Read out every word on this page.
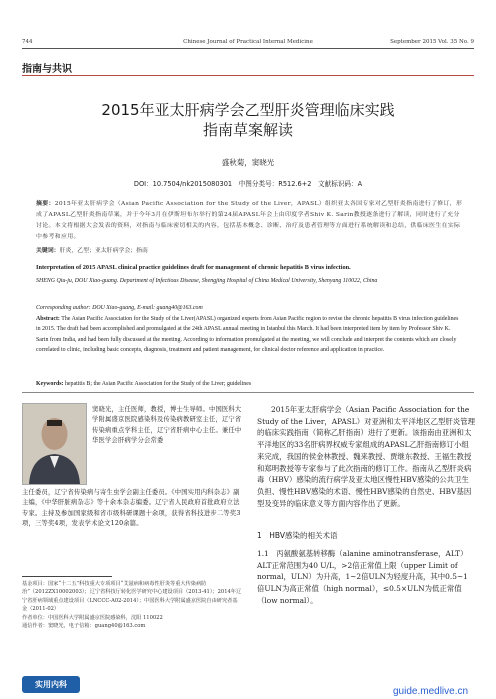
744	Chinese Journal of Practical Internal Medicine	September 2015 Vol. 35 No. 9
指南与共识
2015年亚太肝病学会乙型肝炎管理临床实践
指南草案解读
盛秋菊，窦晓光
DOI：10.7504/nk2015080301　中图分类号：R512.6+2　文献标识码：A
摘要：2015年亚太肝病学会（Asian Pacific Association for the Study of the Liver，APASL）组织亚太各国专家对乙型肝炎指南进行了修订，形成了APASL乙型肝炎指南草案，并于今年3月在伊斯坦布尔举行的第24届APASL年会上由印度学者Shiv K. Sarin教授逐条进行了解读，同时进行了充分讨论。本文将根据大会发表的资料，对指南与临床密切相关的内容，包括基本概念、诊断、治疗及患者管理等方面进行系统解读和总结，供临床医生在实际中参考和应用。
关键词：肝炎，乙型；亚太肝病学会；指南
Interpretation of 2015 APASL clinical practice guidelines draft for management of chronic hepatitis B virus infection.
SHENG Qiu-ju, DOU Xiao-guang. Department of Infectious Disease, Shengjing Hospital of China Medical University, Shenyang 110022, China
Corresponding author: DOU Xiao-guang, E-mail: guang40@163.com
Abstract: The Asian Pacific Association for the Study of the Liver(APASL) organized experts from Asian Pacific region to revise the chronic hepatitis B virus infection guidelines in 2015. The draft had been accomplished and promulgated at the 24th APASL annual meeting in Istanbul this March. It had been interpreted item by item by Professor Shiv K. Sarin from India, and had been fully discussed at the meeting. According to information promulgated at the meeting, we will conclude and interpret the contents which are closely correlated to clinic, including basic concepts, diagnosis, treatment and patient management, for clinical doctor reference and application in practice.
Keywords: hepatitis B; the Asian Pacific Association for the Study of the Liver; guidelines
窦晓光，主任医师，教授，博士生导师。中国医科大学附属盛京医院感染科及传染病教研室主任，辽宁省传染病重点学科主任，辽宁省肝病中心主任。兼任中华医学会肝病学分会常委
主任委员，辽宁省传染病与寄生虫学会副主任委员。《中国实用内科杂志》副主编，《中华肝脏病杂志》等十余本杂志编委。辽宁省人民政府首批政府立法专家。主持及参加国家级和省市级科研课题十余项，获得省科技进步二等奖3项，三等奖4项，发表学术论文120余篇。
基金项目：国家“十二五”科技重大专项项目“艾滋病和病毒性肝炎等重大传染病防治”（2012ZX10002003）；辽宁省科技厅转化医学研究中心建设项目（2013-41）；2014年辽宁省肝病领域重点建设项目（LNCCC-A02-2014）；中国医科大学附属盛京医院自由研究者基金（2011-02）
作者单位：中国医科大学附属盛京医院感染科，沈阳 110022
通信作者：窦晓光，电子信箱：guang40@163.com
2015年亚太肝病学会（Asian Pacific Association for the Study of the Liver，APASL）对亚洲和太平洋地区乙型肝炎管理的临床实践指南（简称乙肝指南）进行了更新。该指南由亚洲和太平洋地区的33名肝病界权威专家组成的APASL乙肝指南修订小组来完成，我国的侯金林教授、魏来教授、贾继东教授、王福生教授和郑明教授等专家参与了此次指南的修订工作。指南从乙型肝炎病毒（HBV）感染的流行病学及亚太地区慢性HBV感染的公共卫生负担、慢性HBV感染的术语、慢性HBV感染的自然史、HBV基因型及变异的临床意义等方面内容作出了更新。
1　HBV感染的相关术语
1.1　丙氨酸氨基转移酶（alanine aminotransferase，ALT）　ALT正常范围为40 U/L，>2倍正常值上限（upper Limit of normal，ULN）为升高，1~2倍ULN为轻度升高，其中0.5~1倍ULN为高正常值（high normal），≤0.5×ULN为低正常值（low normal）。
实用内科
guide.medlive.cn
